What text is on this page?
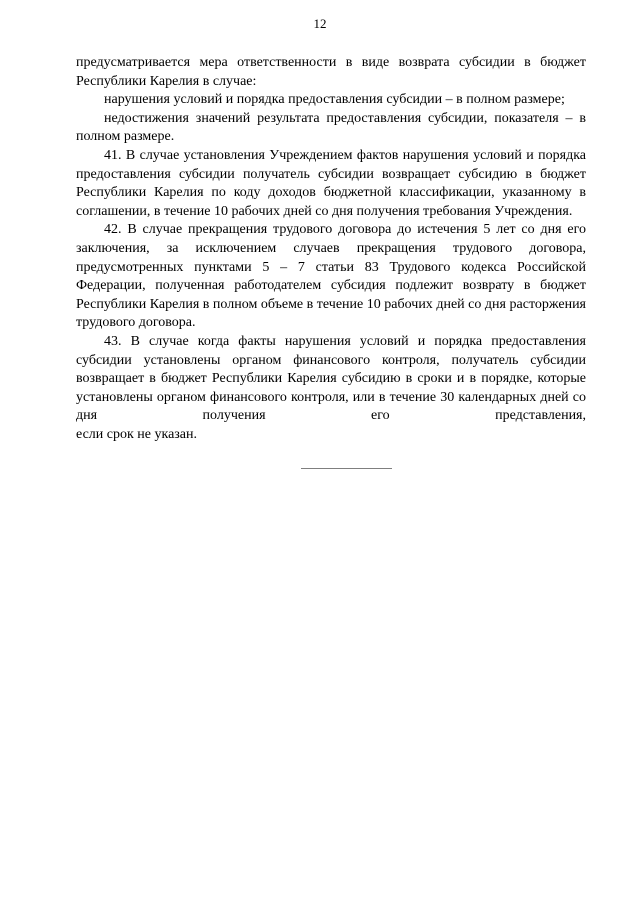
12

предусматривается мера ответственности в виде возврата субсидии в бюджет Республики Карелия в случае:

нарушения условий и порядка предоставления субсидии – в полном размере;

недостижения значений результата предоставления субсидии, показателя – в полном размере.

41. В случае установления Учреждением фактов нарушения условий и порядка предоставления субсидии получатель субсидии возвращает субсидию в бюджет Республики Карелия по коду доходов бюджетной классификации, указанному в соглашении, в течение 10 рабочих дней со дня получения требования Учреждения.

42. В случае прекращения трудового договора до истечения 5 лет со дня его заключения, за исключением случаев прекращения трудового договора, предусмотренных пунктами 5 – 7 статьи 83 Трудового кодекса Российской Федерации, полученная работодателем субсидия подлежит возврату в бюджет Республики Карелия в полном объеме в течение 10 рабочих дней со дня расторжения трудового договора.

43. В случае когда факты нарушения условий и порядка предоставления субсидии установлены органом финансового контроля, получатель субсидии возвращает в бюджет Республики Карелия субсидию в сроки и в порядке, которые установлены органом финансового контроля, или в течение 30 календарных дней со дня получения его представления,

если срок не указан.
